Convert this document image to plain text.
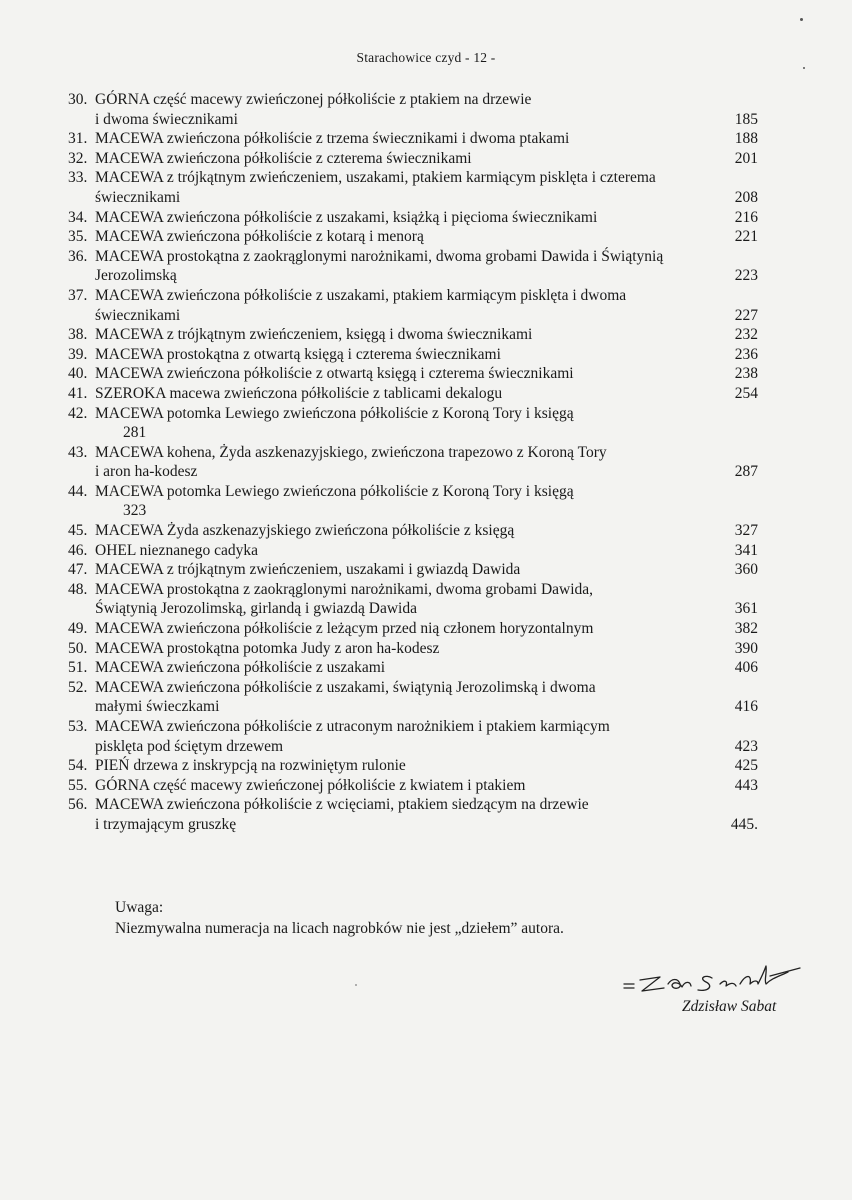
Starachowice czyd - 12 -
30. GÓRNA część macewy zwieńczonej półkoliście z ptakiem na drzewie
i dwoma świecznikami	185
31. MACEWA zwieńczona półkoliście z trzema świecznikami i dwoma ptakami	188
32. MACEWA zwieńczona półkoliście z czterema świecznikami	201
33. MACEWA z trójkątnym zwieńczeniem, uszakami, ptakiem karmiącym pisklęta i czterema
świecznikami	208
34. MACEWA zwieńczona półkoliście z uszakami, książką i pięcioma świecznikami	216
35. MACEWA zwieńczona półkoliście z kotarą i menorą	221
36. MACEWA prostokątna z zaokrąglonymi narożnikami, dwoma grobami Dawida i Świątynią
Jerozolimską	223
37. MACEWA zwieńczona półkoliście z uszakami, ptakiem karmiącym pisklęta i dwoma
świecznikami	227
38. MACEWA z trójkątnym zwieńczeniem, księgą i dwoma świecznikami	232
39. MACEWA prostokątna z otwartą księgą i czterema świecznikami	236
40. MACEWA zwieńczona półkoliście z otwartą księgą i czterema świecznikami	238
41. SZEROKA macewa zwieńczona półkoliście z tablicami dekalogu	254
42. MACEWA potomka Lewiego zwieńczona półkoliście z Koroną Tory i księgą
281
43. MACEWA kohena, Żyda aszkenazyjskiego, zwieńczona trapezowo z Koroną Tory
i aron ha-kodesz	287
44. MACEWA potomka Lewiego zwieńczona półkoliście z Koroną Tory i księgą
323
45. MACEWA Żyda aszkenazyjskiego zwieńczona półkoliście z księgą	327
46. OHEL nieznanego cadyka	341
47. MACEWA z trójkątnym zwieńczeniem, uszakami i gwiazdą Dawida	360
48. MACEWA prostokątna z zaokrąglonymi narożnikami, dwoma grobami Dawida,
Świątynią Jerozolimską, girlandą i gwiazdą Dawida	361
49. MACEWA zwieńczona półkoliście z leżącym przed nią członem horyzontalnym	382
50. MACEWA prostokątna potomka Judy z aron ha-kodesz	390
51. MACEWA zwieńczona półkoliście z uszakami	406
52. MACEWA zwieńczona półkoliście z uszakami, świątynią Jerozolimską i dwoma
małymi świeczkami	416
53. MACEWA zwieńczona półkoliście z utraconym narożnikiem i ptakiem karmiącym
pisklęta pod ściętym drzewem	423
54. PIEŃ drzewa z inskrypcją na rozwiniętym rulonie	425
55. GÓRNA część macewy zwieńczonej półkoliście z kwiatem i ptakiem	443
56. MACEWA zwieńczona półkoliście z wcięciami, ptakiem siedzącym na drzewie
i trzymającym gruszkę	445.
Uwaga:
Niezmywalna numeracja na licach nagrobków nie jest „dziełem” autora.
Zdzisław Sabat
